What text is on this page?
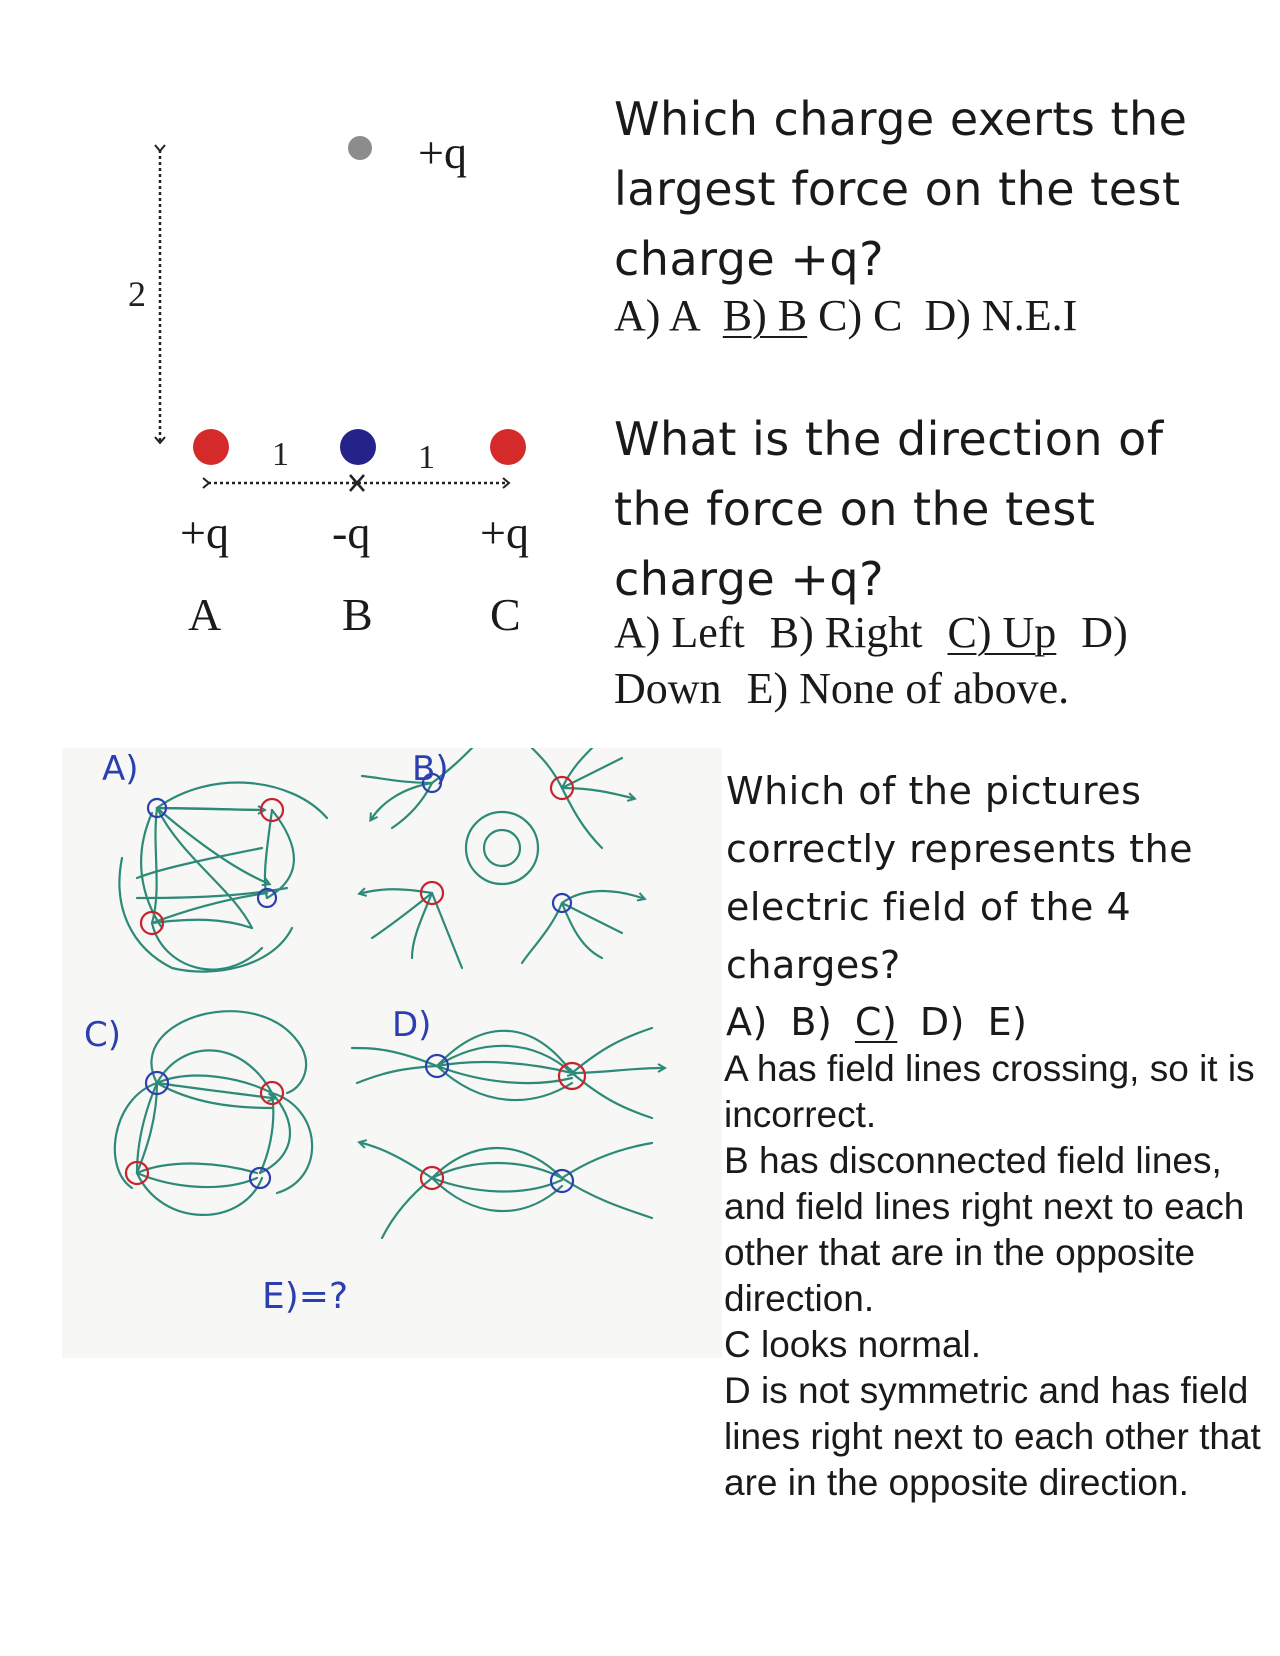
2
+q
1	1
+q -q +q
A	B	C
Which charge exerts the largest force on the test charge +q?
A) A B) B C) C D) N.E.I
What is the direction of the force on the test charge +q?
A) Left B) Right C) Up D) Down E) None of above.
A)	B)
C)	D)
E)=?
Which of the pictures correctly represents the electric field of the 4 charges?
A) B) C) D) E)

A has field lines crossing, so it is incorrect.

B has disconnected field lines, and field lines right next to each other that are in the opposite direction.

C looks normal.

D is not symmetric and has field lines right next to each other that are in the opposite direction.
